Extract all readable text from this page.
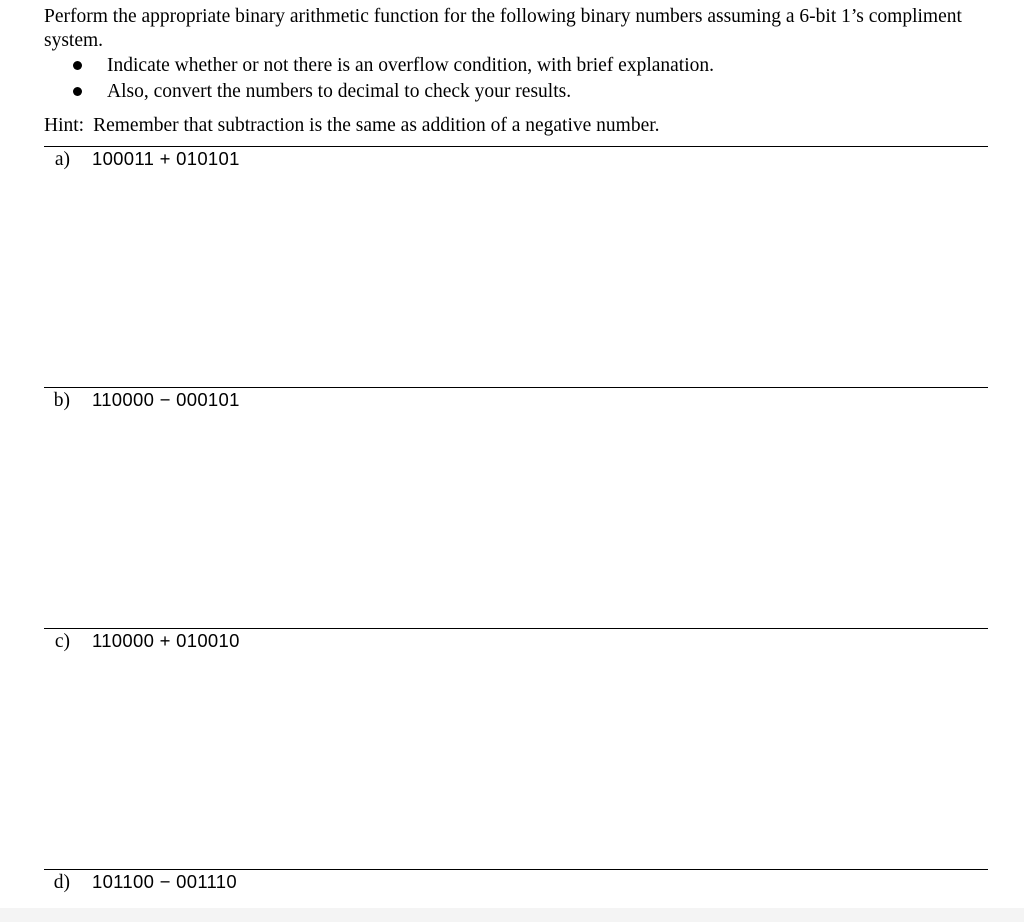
Perform the appropriate binary arithmetic function for the following binary numbers assuming a 6-bit 1’s compliment system.
Indicate whether or not there is an overflow condition, with brief explanation.
Also, convert the numbers to decimal to check your results.
Hint: Remember that subtraction is the same as addition of a negative number.
a)	100011 + 010101
b)	110000 − 000101
c)	110000 + 010010
d)	101100 − 001110
